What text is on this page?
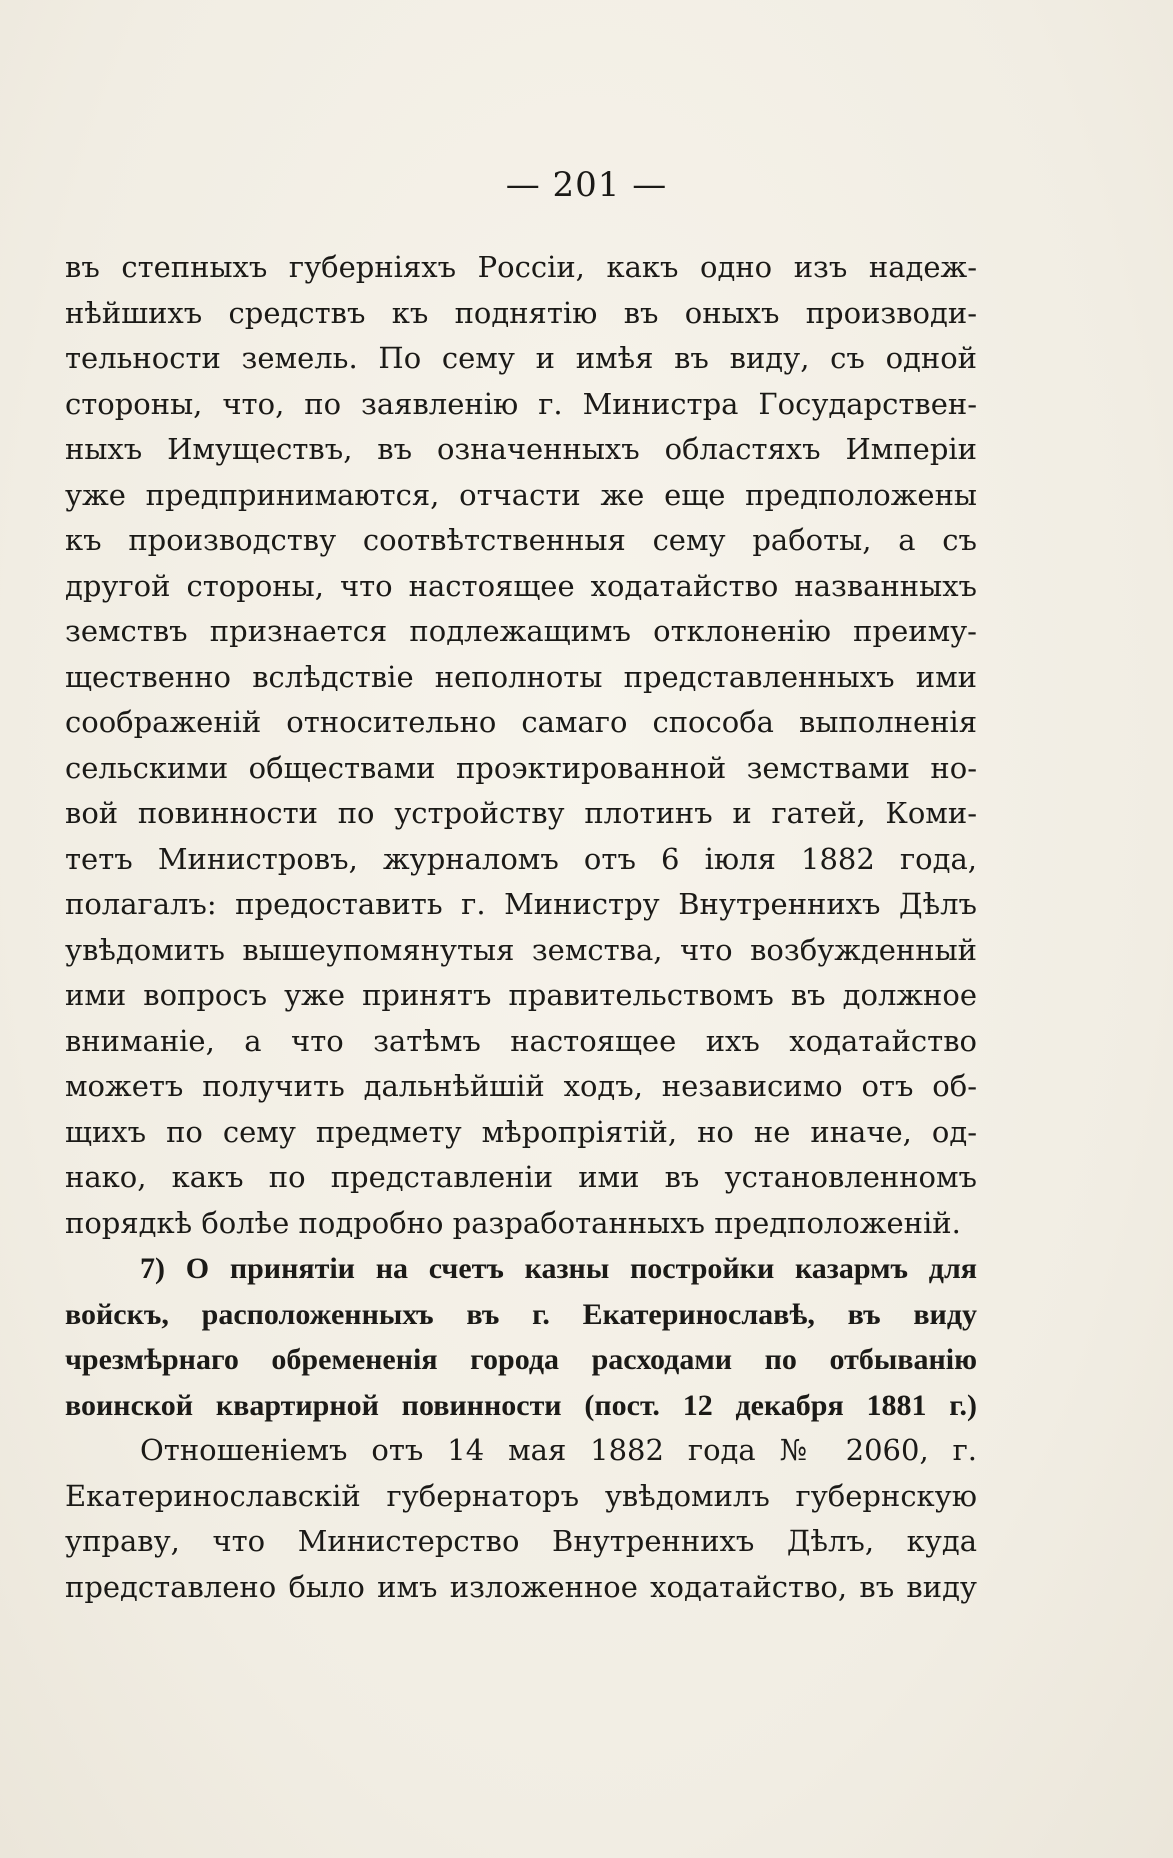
— 201 —
въ степныхъ губерніяхъ Россіи, какъ одно изъ надеж-
нѣйшихъ средствъ къ поднятію въ оныхъ производи-
тельности земель. По сему и имѣя въ виду, съ одной
стороны, что, по заявленію г. Министра Государствен-
ныхъ Имуществъ, въ означенныхъ областяхъ Имперіи
уже предпринимаются, отчасти же еще предположены
къ производству соотвѣтственныя сему работы, а съ
другой стороны, что настоящее ходатайство названныхъ
земствъ признается подлежащимъ отклоненію преиму-
щественно вслѣдствіе неполноты представленныхъ ими
соображеній относительно самаго способа выполненія
сельскими обществами проэктированной земствами но-
вой повинности по устройству плотинъ и гатей, Коми-
тетъ Министровъ, журналомъ отъ 6 іюля 1882 года,
полагалъ: предоставить г. Министру Внутреннихъ Дѣлъ
увѣдомить вышеупомянутыя земства, что возбужденный
ими вопросъ уже принятъ правительствомъ въ должное
вниманіе, а что затѣмъ настоящее ихъ ходатайство
можетъ получить дальнѣйшій ходъ, независимо отъ об-
щихъ по сему предмету мѣропріятій, но не иначе, од-
нако, какъ по представленіи ими въ установленномъ
порядкѣ болѣе подробно разработанныхъ предположеній.
7) О принятіи на счетъ казны постройки казармъ для
войскъ, расположенныхъ въ г. Екатеринославѣ, въ виду
чрезмѣрнаго обремененія города расходами по отбыванію
воинской квартирной повинности (пост. 12 декабря 1881 г.)
Отношеніемъ отъ 14 мая 1882 года № 2060, г.
Екатеринославскій губернаторъ увѣдомилъ губернскую
управу, что Министерство Внутреннихъ Дѣлъ, куда
представлено было имъ изложенное ходатайство, въ виду
